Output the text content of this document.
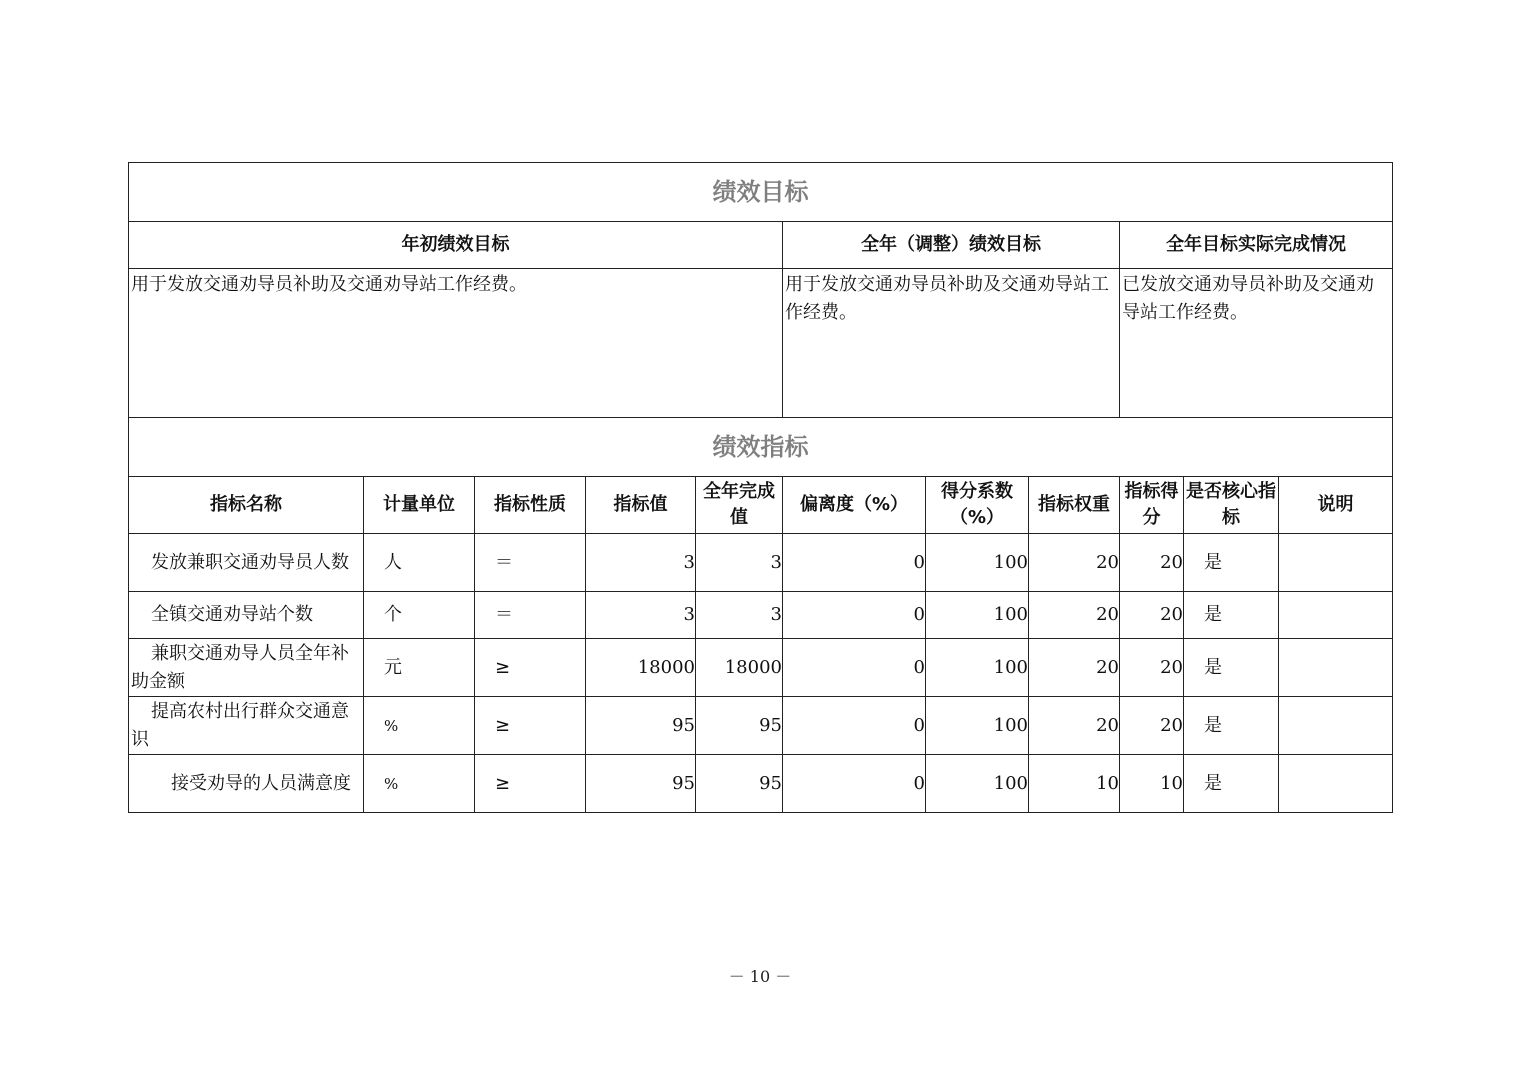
绩效目标										
年初绩效目标					全年（调整）绩效目标			全年目标实际完成情况		
用于发放交通劝导员补助及交通劝导站工作经费。					用于发放交通劝导员补助及交通劝导站工作经费。			已发放交通劝导员补助及交通劝导站工作经费。		
绩效指标										
指标名称	计量单位	指标性质	指标值	全年完成值	偏离度（%）	得分系数（%）	指标权重	指标得分	是否核心指标	说明
发放兼职交通劝导员人数	人	＝	3	3	0	100	20	20	是	
全镇交通劝导站个数	个	＝	3	3	0	100	20	20	是	
兼职交通劝导人员全年补助金额	元	≥	18000	18000	0	100	20	20	是	
提高农村出行群众交通意识	%	≥	95	95	0	100	20	20	是	
接受劝导的人员满意度	%	≥	95	95	0	100	10	10	是	
－ 10 －
